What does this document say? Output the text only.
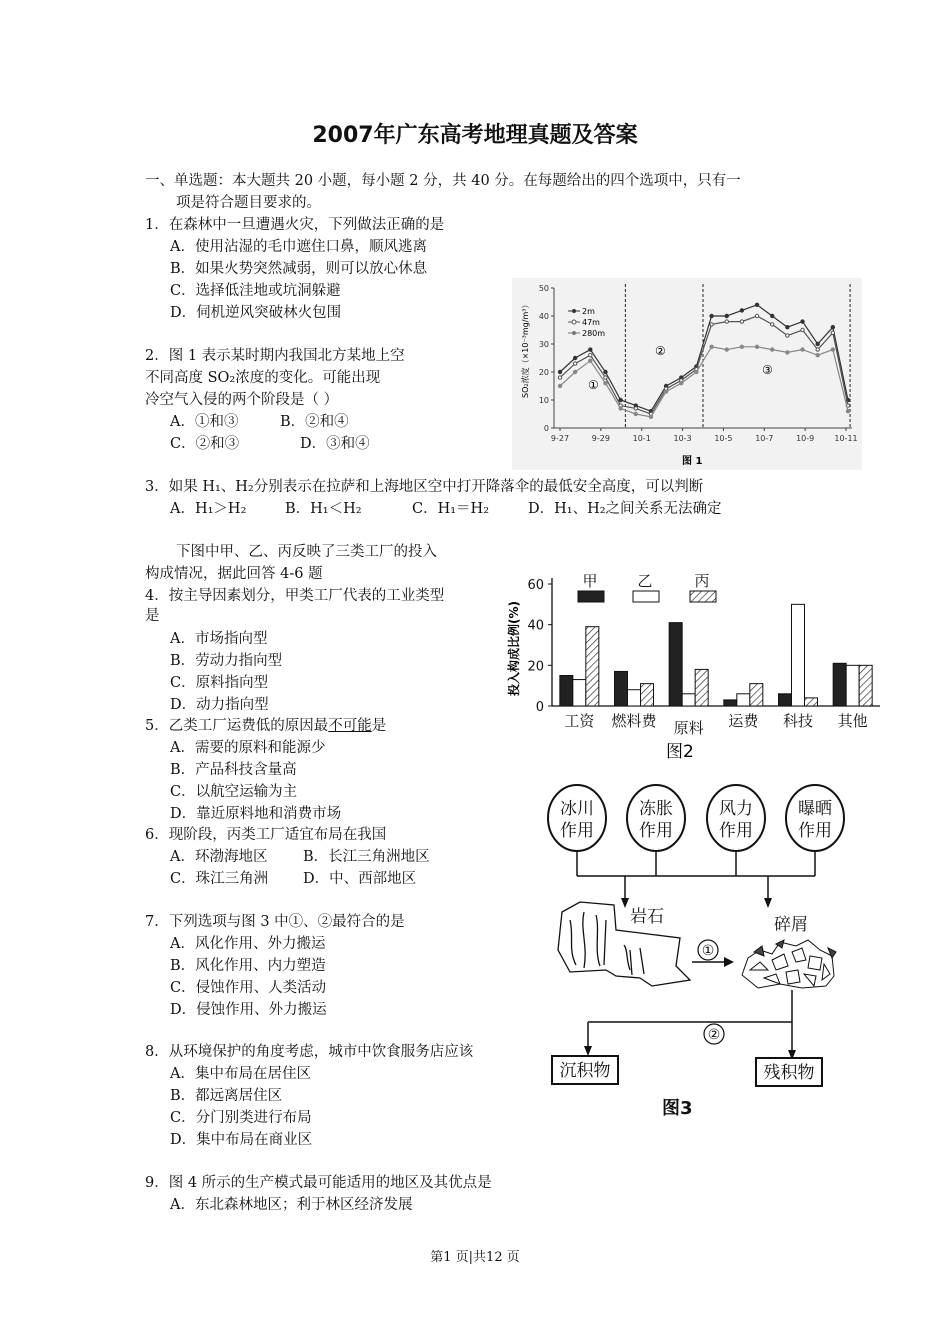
2007年广东高考地理真题及答案
一、单选题：本大题共 20 小题，每小题 2 分，共 40 分。在每题给出的四个选项中，只有一
项是符合题目要求的。
1．在森林中一旦遭遇火灾，下列做法正确的是
A．使用沾湿的毛巾遮住口鼻，顺风逃离
B．如果火势突然减弱，则可以放心休息
C．选择低洼地或坑洞躲避
D．伺机逆风突破林火包围
2．图 1 表示某时期内我国北方某地上空
不同高度 SO₂浓度的变化。可能出现
冷空气入侵的两个阶段是（ ）
A．①和③	B．②和④
C．②和③	D．③和④
0
10
20
30
40
50
9-27	9-29	10-1	10-3	10-5	10-7	10-9	10-11
2m
47m
280m
①
②
③
图 1
SO₂浓度（×10⁻³mg/m³）
3．如果 H₁、H₂分别表示在拉萨和上海地区空中打开降落伞的最低安全高度，可以判断
A．H₁＞H₂	B．H₁＜H₂	C．H₁＝H₂	D．H₁、H₂之间关系无法确定
下图中甲、乙、丙反映了三类工厂的投入
构成情况，据此回答 4-6 题
4．按主导因素划分，甲类工厂代表的工业类型
是
A．市场指向型
B．劳动力指向型
C．原料指向型
D．动力指向型
5．乙类工厂运费低的原因最不可能是
A．需要的原料和能源少
B．产品科技含量高
C．以航空运输为主
D．靠近原料地和消费市场
6．现阶段，丙类工厂适宜布局在我国
A．环渤海地区 B．长江三角洲地区
C．珠江三角洲 D．中、西部地区
7．下列选项与图 3 中①、②最符合的是
A．风化作用、外力搬运
B．风化作用、内力塑造
C．侵蚀作用、人类活动
D．侵蚀作用、外力搬运
8．从环境保护的角度考虑，城市中饮食服务店应该
A．集中布局在居住区
B．都远离居住区
C．分门别类进行布局
D．集中布局在商业区
9．图 4 所示的生产模式最可能适用的地区及其优点是
A．东北森林地区；利于林区经济发展
0
20
40
60
工资 燃料费 原料 运费 科技 其他
甲	乙	丙
投入构成比例(%)
图2
冰川
作用
冻胀
作用
风力
作用
曝晒
作用
岩石
①
碎屑
②
沉积物	残积物
图3
第1 页|共12 页
